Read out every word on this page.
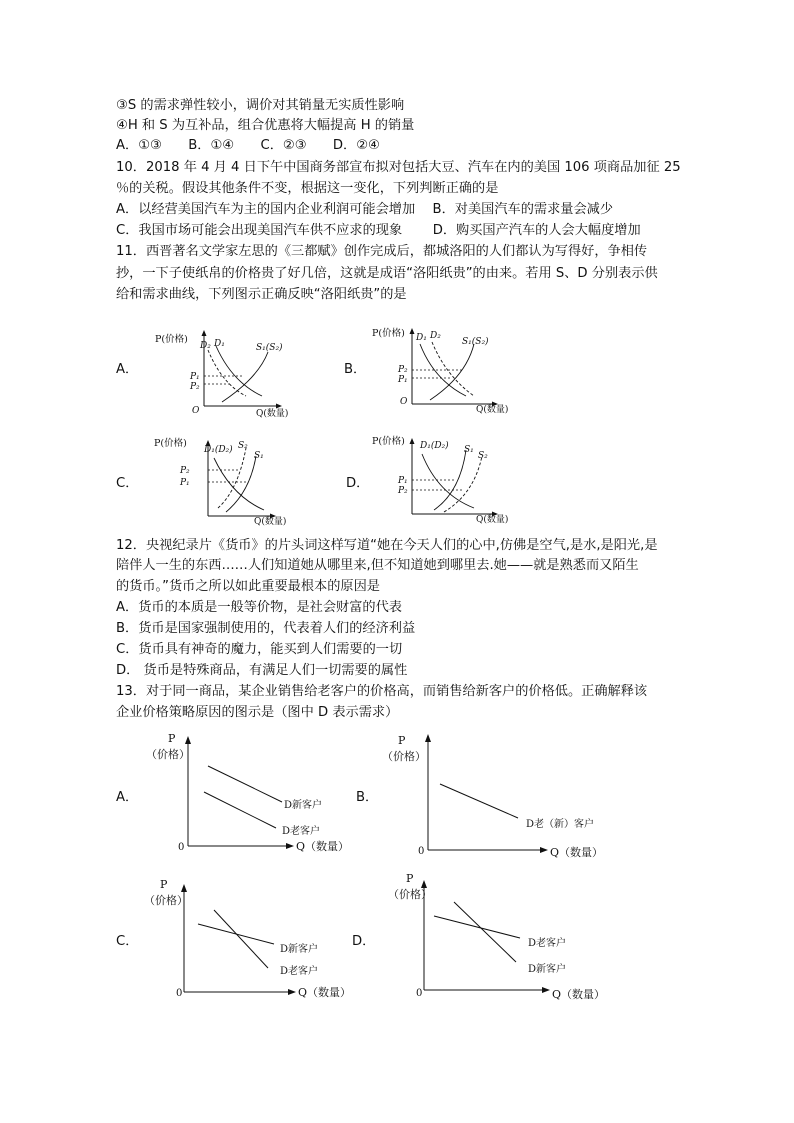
③S 的需求弹性较小，调价对其销量无实质性影响
④H 和 S 为互补品，组合优惠将大幅提高 H 的销量
A．①③　　B．①④　　C．②③　　D．②④
10．2018 年 4 月 4 日下午中国商务部宣布拟对包括大豆、汽车在内的美国 106 项商品加征 25
％的关税。假设其他条件不变，根据这一变化，下列判断正确的是
A．以经营美国汽车为主的国内企业利润可能会增加　 B．对美国汽车的需求量会减少
C．我国市场可能会出现美国汽车供不应求的现象　　 D．购买国产汽车的人会大幅度增加
11．西晋著名文学家左思的《三都赋》创作完成后，都城洛阳的人们都认为写得好，争相传
抄，一下子使纸帛的价格贵了好几倍，这就是成语“洛阳纸贵”的由来。若用 S、D 分别表示供
给和需求曲线，下列图示正确反映“洛阳纸贵”的是
A．	B．
C．	D．
P(价格)
O	Q(数量)
D₂ D₁	S₁(S₂)
P₁
P₂
P(价格)
O
Q(数量)
D₁ D₂
S₁(S₂)
P₂
P₁
P(价格)
Q(数量)
D₁(D₂) S₂
S₁
P₂
P₁
P(价格)
Q(数量)
D₁(D₂) S₁
S₂
P₁
P₂
12．央视纪录片《货币》的片头词这样写道“她在今天人们的心中,仿佛是空气,是水,是阳光,是
陪伴人一生的东西……人们知道她从哪里来,但不知道她到哪里去.她——就是熟悉而又陌生
的货币。”货币之所以如此重要最根本的原因是
A．货币的本质是一般等价物，是社会财富的代表
B．货币是国家强制使用的，代表着人们的经济利益
C．货币具有神奇的魔力，能买到人们需要的一切
D． 货币是特殊商品，有满足人们一切需要的属性
13．对于同一商品，某企业销售给老客户的价格高，而销售给新客户的价格低。正确解释该
企业价格策略原因的图示是（图中 D 表示需求）
A．	B．
C．	D．
P
（价格）
0	Q（数量）
D新客户
D老客户
P
（价格）
0	Q（数量）
D老（新）客户
P
（价格）
0	Q（数量）
D新客户
D老客户
P
（价格）
0	Q（数量）
D老客户
D新客户
